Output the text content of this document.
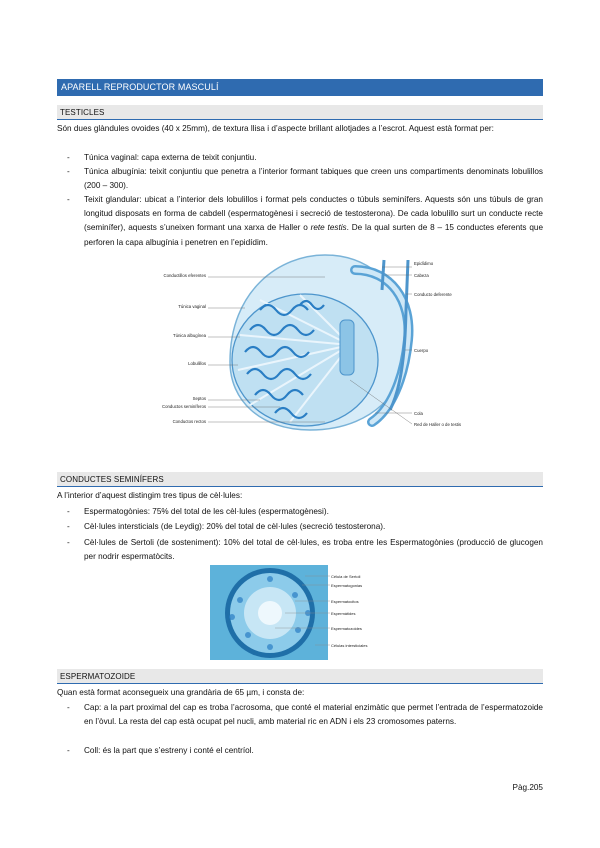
APARELL REPRODUCTOR MASCULÍ
TESTICLES
Són dues glàndules ovoides (40 x 25mm), de textura llisa i d’aspecte brillant allotjades a l’escrot. Aquest està format per:
- Túnica vaginal: capa externa de teixit conjuntiu.
- Túnica albugínia: teixit conjuntiu que penetra a l’interior formant tabiques que creen uns compartiments denominats lobulillos (200 – 300).
- Teixit glandular: ubicat a l’interior dels lobulillos i format pels conductes o túbuls seminífers. Aquests són uns túbuls de gran longitud disposats en forma de cabdell (espermatogènesi i secreció de testosterona). De cada lobulillo surt un conducte recte (seminífer), aquests s’uneixen formant una xarxa de Haller o rete testis. De la qual surten de 8 – 15 conductes eferents que perforen la capa albugínia i penetren en l’epidídim.
Conductillos eferentes
Túnica vaginal
Túnica albugínea
Lobulillos
Septos
Conductos seminíferos
Conductos rectos
Epidídimo
Cabeza
Conducto deferente
Cuerpo
Cola
Red de Haller o de testis
CONDUCTES SEMINÍFERS
A l’interior d’aquest distingim tres tipus de cèl·lules:
- Espermatogònies: 75% del total de les cèl·lules (espermatogènesi).
- Cèl·lules intersticials (de Leydig): 20% del total de cèl·lules (secreció testosterona).
- Cèl·lules de Sertoli (de sosteniment): 10% del total de cèl·lules, es troba entre les Espermatogònies (producció de glucogen per nodrir espermatòcits.
Célula de Sertoli
Espermatogonias
Espermatocitos
Espermátides
Espermatozoides
Células intersticiales
ESPERMATOZOIDE
Quan està format aconsegueix una grandària de 65 µm, i consta de:
- Cap: a la part proximal del cap es troba l’acrosoma, que conté el material enzimàtic que permet l’entrada de l’espermatozoide en l’òvul. La resta del cap està ocupat pel nucli, amb material ric en ADN i els 23 cromosomes paterns.
- Coll: és la part que s’estreny i conté el centríol.
Pàg.205
